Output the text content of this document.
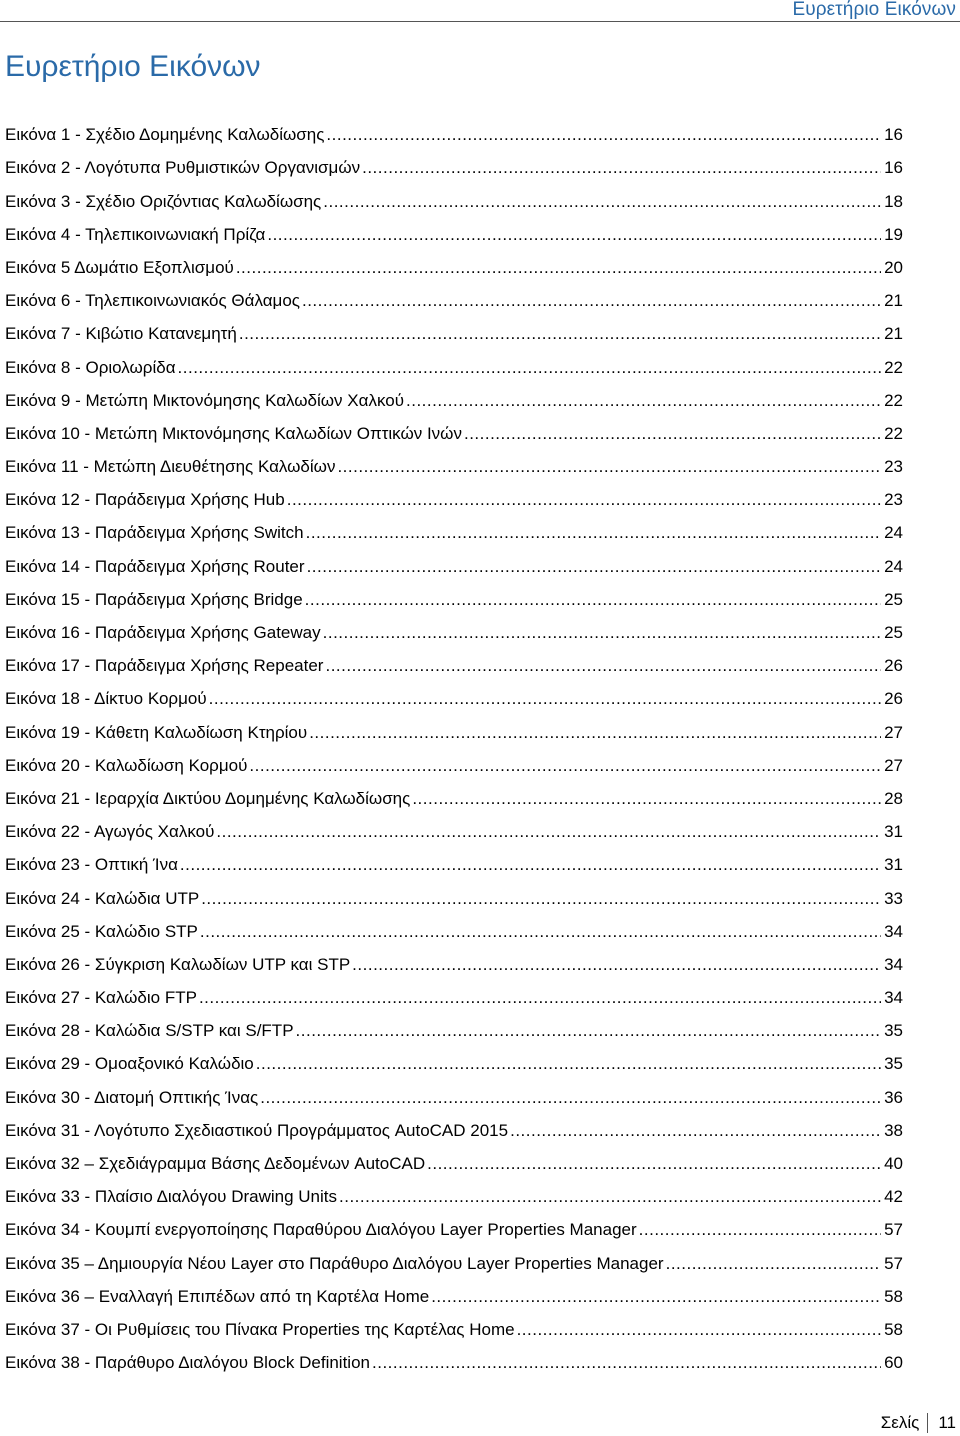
Ευρετήριο Εικόνων
Ευρετήριο Εικόνων
Εικόνα 1 - Σχέδιο Δομημένης Καλωδίωσης .....	16
Εικόνα 2 - Λογότυπα Ρυθμιστικών Οργανισμών .....	16
Εικόνα 3 - Σχέδιο Οριζόντιας Καλωδίωσης .....	18
Εικόνα 4 - Τηλεπικοινωνιακή Πρίζα .....	19
Εικόνα 5 Δωμάτιο Εξοπλισμού .....	20
Εικόνα 6 - Τηλεπικοινωνιακός Θάλαμος .....	21
Εικόνα 7 - Κιβώτιο Κατανεμητή .....	21
Εικόνα 8 - Οριολωρίδα .....	22
Εικόνα 9 - Μετώπη Μικτονόμησης Καλωδίων Χαλκού .....	22
Εικόνα 10 - Μετώπη Μικτονόμησης Καλωδίων Οπτικών Ινών .....	22
Εικόνα 11 - Μετώπη Διευθέτησης Καλωδίων .....	23
Εικόνα 12 - Παράδειγμα Χρήσης Hub .....	23
Εικόνα 13 - Παράδειγμα Χρήσης Switch .....	24
Εικόνα 14 - Παράδειγμα Χρήσης Router .....	24
Εικόνα 15 - Παράδειγμα Χρήσης Bridge .....	25
Εικόνα 16 - Παράδειγμα Χρήσης Gateway .....	25
Εικόνα 17 - Παράδειγμα Χρήσης Repeater .....	26
Εικόνα 18 - Δίκτυο Κορμού .....	26
Εικόνα 19 - Κάθετη Καλωδίωση Κτηρίου .....	27
Εικόνα 20 - Καλωδίωση Κορμού .....	27
Εικόνα 21 - Ιεραρχία Δικτύου Δομημένης Καλωδίωσης .....	28
Εικόνα 22 - Αγωγός Χαλκού .....	31
Εικόνα 23 - Οπτική Ίνα .....	31
Εικόνα 24 - Καλώδια UTP .....	33
Εικόνα 25 - Καλώδιο STP .....	34
Εικόνα 26 - Σύγκριση Καλωδίων UTP και STP .....	34
Εικόνα 27 - Καλώδιο FTP .....	34
Εικόνα 28 - Καλώδια S/STP και S/FTP .....	35
Εικόνα 29 - Ομοαξονικό Καλώδιο .....	35
Εικόνα 30 - Διατομή Οπτικής Ίνας .....	36
Εικόνα 31 - Λογότυπο Σχεδιαστικού Προγράμματος AutoCAD 2015 .....	38
Εικόνα 32 – Σχεδιάγραμμα Βάσης Δεδομένων AutoCAD .....	40
Εικόνα 33 - Πλαίσιο Διαλόγου Drawing Units .....	42
Εικόνα 34 - Κουμπί ενεργοποίησης Παραθύρου Διαλόγου Layer Properties Manager .....	57
Εικόνα 35 – Δημιουργία Νέου Layer στο Παράθυρο Διαλόγου Layer Properties Manager .....	57
Εικόνα 36 – Εναλλαγή Επιπέδων από τη Καρτέλα Home .....	58
Εικόνα 37 - Οι Ρυθμίσεις του Πίνακα Properties της Καρτέλας Home .....	58
Εικόνα 38 - Παράθυρο Διαλόγου Block Definition .....	60
Σελίς 11
